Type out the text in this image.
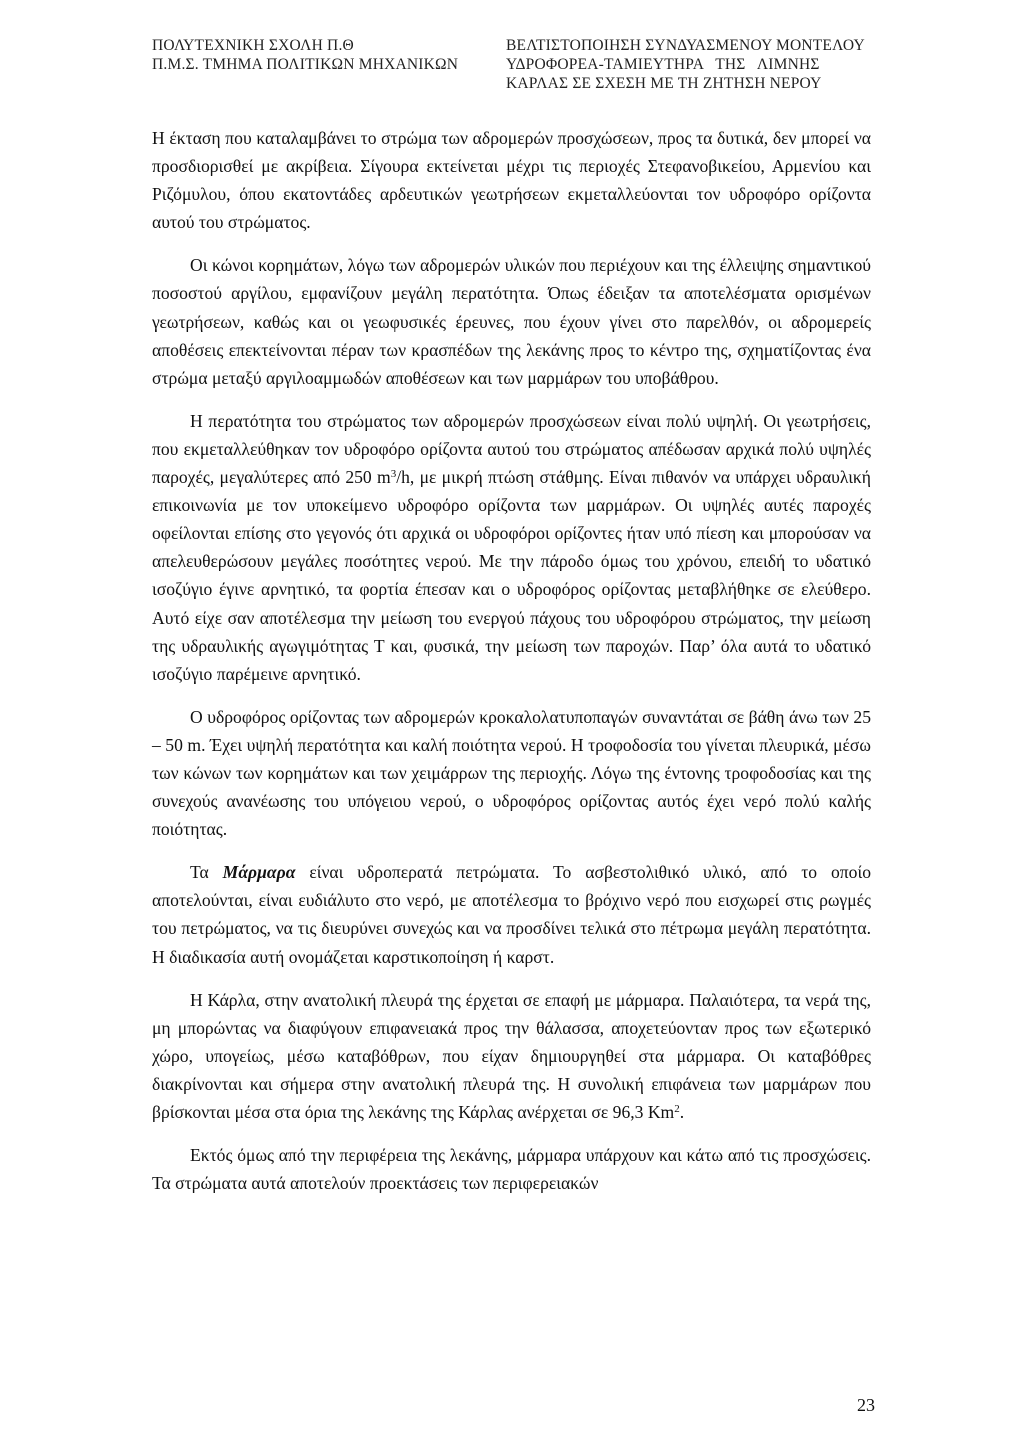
ΠΟΛΥΤΕΧΝΙΚΗ ΣΧΟΛΗ Π.Θ
Π.Μ.Σ. ΤΜΗΜΑ ΠΟΛΙΤΙΚΩΝ ΜΗΧΑΝΙΚΩΝ
ΒΕΛΤΙΣΤΟΠΟΙΗΣΗ ΣΥΝΔΥΑΣΜΕΝΟΥ ΜΟΝΤΕΛΟΥ
ΥΔΡΟΦΟΡΕΑ-ΤΑΜΙΕΥΤΗΡΑ   ΤΗΣ   ΛΙΜΝΗΣ
ΚΑΡΛΑΣ ΣΕ ΣΧΕΣΗ ΜΕ ΤΗ ΖΗΤΗΣΗ ΝΕΡΟΥ

Η έκταση που καταλαμβάνει το στρώμα των αδρομερών προσχώσεων, προς τα δυτικά, δεν μπορεί να προσδιορισθεί με ακρίβεια. Σίγουρα εκτείνεται μέχρι τις περιοχές Στεφανοβικείου, Αρμενίου και Ριζόμυλου, όπου εκατοντάδες αρδευτικών γεωτρήσεων εκμεταλλεύονται τον υδροφόρο ορίζοντα αυτού του στρώματος.

Οι κώνοι κορημάτων, λόγω των αδρομερών υλικών που περιέχουν και της έλλειψης σημαντικού ποσοστού αργίλου, εμφανίζουν μεγάλη περατότητα. Όπως έδειξαν τα αποτελέσματα ορισμένων γεωτρήσεων, καθώς και οι γεωφυσικές έρευνες, που έχουν γίνει στο παρελθόν, οι αδρομερείς αποθέσεις επεκτείνονται πέραν των κρασπέδων της λεκάνης προς το κέντρο της, σχηματίζοντας ένα στρώμα μεταξύ αργιλοαμμωδών αποθέσεων και των μαρμάρων του υποβάθρου.

Η περατότητα του στρώματος των αδρομερών προσχώσεων είναι πολύ υψηλή. Οι γεωτρήσεις, που εκμεταλλεύθηκαν τον υδροφόρο ορίζοντα αυτού του στρώματος απέδωσαν αρχικά πολύ υψηλές παροχές, μεγαλύτερες από 250 $m^3/h$, με μικρή πτώση στάθμης. Είναι πιθανόν να υπάρχει υδραυλική επικοινωνία με τον υποκείμενο υδροφόρο ορίζοντα των μαρμάρων. Οι υψηλές αυτές παροχές οφείλονται επίσης στο γεγονός ότι αρχικά οι υδροφόροι ορίζοντες ήταν υπό πίεση και μπορούσαν να απελευθερώσουν μεγάλες ποσότητες νερού. Με την πάροδο όμως του χρόνου, επειδή το υδατικό ισοζύγιο έγινε αρνητικό, τα φορτία έπεσαν και ο υδροφόρος ορίζοντας μεταβλήθηκε σε ελεύθερο. Αυτό είχε σαν αποτέλεσμα την μείωση του ενεργού πάχους του υδροφόρου στρώματος, την μείωση της υδραυλικής αγωγιμότητας Τ και, φυσικά, την μείωση των παροχών. Παρ’ όλα αυτά το υδατικό ισοζύγιο παρέμεινε αρνητικό.

Ο υδροφόρος ορίζοντας των αδρομερών κροκαλολατυποπαγών συναντάται σε βάθη άνω των 25 – 50 m. Έχει υψηλή περατότητα και καλή ποιότητα νερού. Η τροφοδοσία του γίνεται πλευρικά, μέσω των κώνων των κορημάτων και των χειμάρρων της περιοχής. Λόγω της έντονης τροφοδοσίας και της συνεχούς ανανέωσης του υπόγειου νερού, ο υδροφόρος ορίζοντας αυτός έχει νερό πολύ καλής ποιότητας.

Τα Μάρμαρα είναι υδροπερατά πετρώματα. Το ασβεστολιθικό υλικό, από το οποίο αποτελούνται, είναι ευδιάλυτο στο νερό, με αποτέλεσμα το βρόχινο νερό που εισχωρεί στις ρωγμές του πετρώματος, να τις διευρύνει συνεχώς και να προσδίνει τελικά στο πέτρωμα μεγάλη περατότητα. Η διαδικασία αυτή ονομάζεται καρστικοποίηση ή καρστ.

Η Κάρλα, στην ανατολική πλευρά της έρχεται σε επαφή με μάρμαρα. Παλαιότερα, τα νερά της, μη μπορώντας να διαφύγουν επιφανειακά προς την θάλασσα, αποχετεύονταν προς των εξωτερικό χώρο, υπογείως, μέσω καταβόθρων, που είχαν δημιουργηθεί στα μάρμαρα. Οι καταβόθρες διακρίνονται και σήμερα στην ανατολική πλευρά της. Η συνολική επιφάνεια των μαρμάρων που βρίσκονται μέσα στα όρια της λεκάνης της Κάρλας ανέρχεται σε 96,3 Km$^2$.

Εκτός όμως από την περιφέρεια της λεκάνης, μάρμαρα υπάρχουν και κάτω από τις προσχώσεις. Τα στρώματα αυτά αποτελούν προεκτάσεις των περιφερειακών

23
